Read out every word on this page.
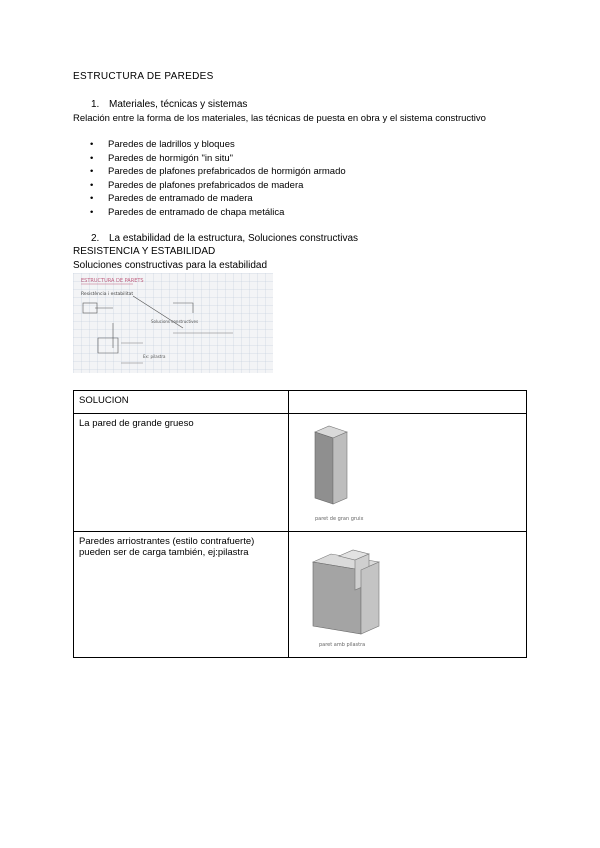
ESTRUCTURA DE PAREDES
1. Materiales, técnicas y sistemas
Relación entre la forma de los materiales, las técnicas de puesta en obra y el sistema constructivo
• Paredes de ladrillos y bloques
• Paredes de hormigón "in situ"
• Paredes de plafones prefabricados de hormigón armado
• Paredes de plafones prefabricados de madera
• Paredes de entramado de madera
• Paredes de entramado de chapa metálica
2. La estabilidad de la estructura, Soluciones constructivas
RESISTENCIA Y ESTABILIDAD
Soluciones constructivas para la estabilidad
ESTRUCTURA DE PARETS
Resistència i estabilitat
Solucions constructives
Ex: pilastra
SOLUCION	
La pared de grande grueso	paret de gran gruix

Paredes arriostrantes (estilo contrafuerte) pueden ser de carga también, ej:pilastra	paret amb pilastra
